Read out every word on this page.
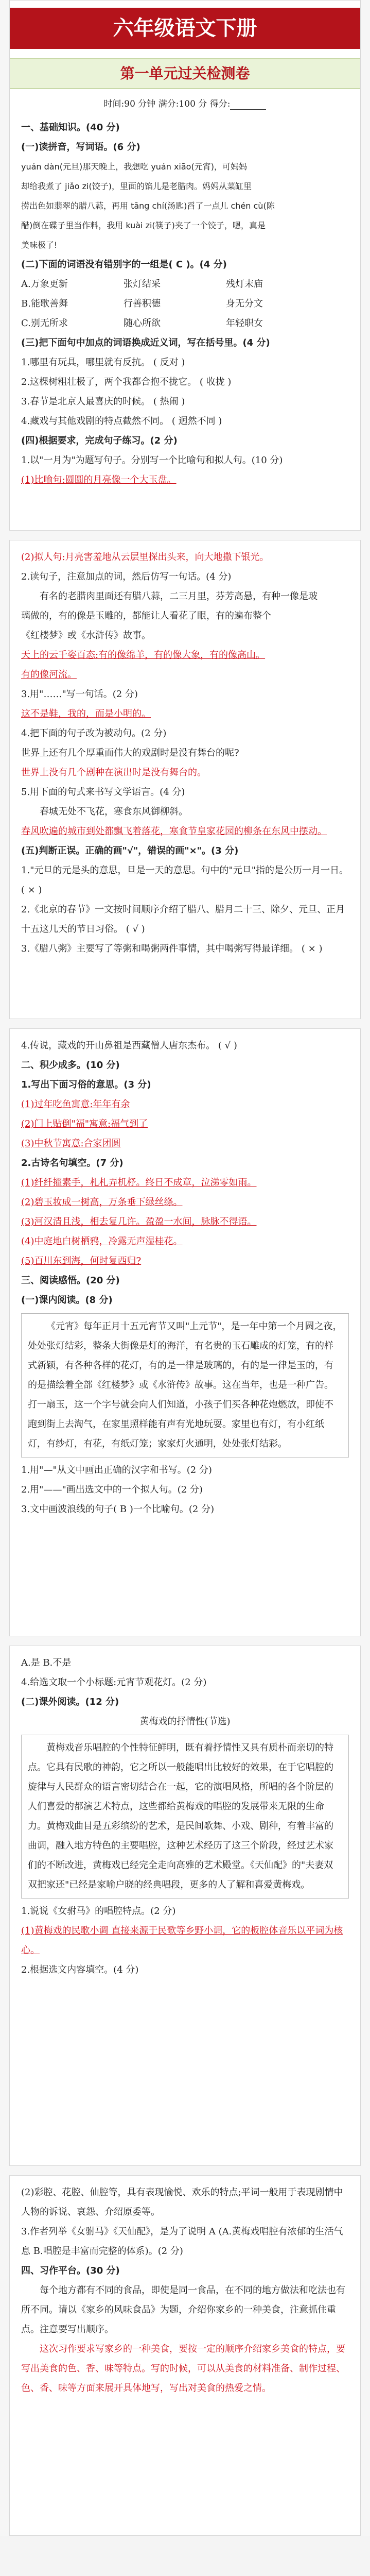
六年级语文下册
第一单元过关检测卷
时间:90 分钟 满分:100 分 得分:
一、基础知识。(40 分)
(一)读拼音，写词语。(6 分)

yuán dàn(元旦)那天晚上，我想吃 yuán xiāo(元宵)，可妈妈

却给我煮了 jiǎo zi(饺子)，里面的馅儿是老腊肉。妈妈从菜缸里

捞出色如翡翠的腊八蒜，再用 tāng chí(汤匙)舀了一点儿 chén cù(陈

醋)倒在碟子里当作料，我用 kuài zi(筷子)夹了一个饺子，嗯，真是

美味极了!

(二)下面的词语没有错别字的一组是( C )。(4 分)
A.万象更新	张灯结采	残灯末庙
B.能歌善舞	行善积德	身无分文
C.别无所求	随心所欲	年轻职女
(三)把下面句中加点的词语换成近义词，写在括号里。(4 分)

1.哪里有玩具，哪里就有反抗。 ( 反对 )

2.这棵树粗壮极了，两个我都合抱不拢它。 ( 收拢 )

3.春节是北京人最喜庆的时候。 ( 热闹 )

4.藏戏与其他戏剧的特点截然不同。 ( 迥然不同 )

(四)根据要求，完成句子练习。(2 分)

1.以"一月为"为题写句子。分别写一个比喻句和拟人句。(10 分)

(1)比喻句:圆圆的月亮像一个大玉盘。

(2)拟人句:月亮害羞地从云层里探出头来，向大地撒下银光。

2.读句子，注意加点的词，然后仿写一句话。(4 分)

有名的老腊肉里面还有腊八蒜，二三月里，芬芳高悬，有种一像是玻

璃做的，有的像是玉雕的，都能让人看花了眼，有的遍布整个

《红楼梦》或《水浒传》故事。

天上的云千姿百态:有的像绵羊，有的像大象，有的像高山。

有的像河流。

3.用"……"写一句话。(2 分)

这不是鞋，我的，而是小明的。

4.把下面的句子改为被动句。(2 分)

世界上还有几个厚重而伟大的戏剧时是没有舞台的呢?

世界上没有几个剧种在演出时是没有舞台的。

5.用下面的句式来书写文学语言。(4 分)

春城无处不飞花，寒食东风御柳斜。

春风吹遍的城市到处都飘飞着落花，寒食节皇家花园的柳条在东风中摆动。

(五)判断正误。正确的画"√"，错误的画"×"。(3 分)

1."元旦的元是头的意思，旦是一天的意思。句中的"元旦"指的是公历一月一日。 ( × )

2.《北京的春节》一文按时间顺序介绍了腊八、腊月二十三、除夕、元旦、正月十五这几天的节日习俗。 ( √ )

3.《腊八粥》主要写了等粥和喝粥两件事情，其中喝粥写得最详细。 ( × )

4.传说，藏戏的开山鼻祖是西藏僧人唐东杰布。 ( √ )

二、积少成多。(10 分)
1.写出下面习俗的意思。(3 分)

(1)过年吃鱼寓意:年年有余

(2)门上贴倒"福"寓意:福气到了

(3)中秋节寓意:合家团圆

2.古诗名句填空。(7 分)

(1)纤纤擢素手，札札弄机杼。终日不成章，泣涕零如雨。

(2)碧玉妆成一树高，万条垂下绿丝绦。

(3)河汉清且浅，相去复几许。盈盈一水间，脉脉不得语。

(4)中庭地白树栖鸦，冷露无声湿桂花。

(5)百川东到海，何时复西归?

三、阅读感悟。(20 分)
(一)课内阅读。(8 分)
《元宵》每年正月十五元宵节又叫"上元节"，是一年中第一个月圆之夜，处处张灯结彩，整条大街像是灯的海洋，有名贵的玉石雕成的灯笼，有的样式新颖，有各种各样的花灯，有的是一律是玻璃的，有的是一律是玉的，有的是描绘着全部《红楼梦》或《水浒传》故事。这在当年，也是一种广告。打一扇玉，这一个字号就会向人们知道，小孩子们买各种花炮燃放，即使不跑到街上去淘气，在家里照样能有声有光地玩耍。家里也有灯，有小红纸灯，有纱灯，有花，有纸灯笼；家家灯火通明，处处张灯结彩。

1.用"—"从文中画出正确的汉字和书写。(2 分)

2.用"——"画出选文中的一个拟人句。(2 分)

3.文中画波浪线的句子( B )一个比喻句。(2 分)

A.是 B.不是

4.给选文取一个小标题:元宵节观花灯。(2 分)

(二)课外阅读。(12 分)

黄梅戏的抒情性(节选)

黄梅戏音乐唱腔的个性特征鲜明，既有着抒情性又具有质朴而亲切的特点。它具有民歌的神韵，它之所以一般能唱出比较好的效果，在于它唱腔的旋律与人民群众的语言密切结合在一起，它的演唱风格，所唱的各个阶层的人们喜爱的都演艺术特点，这些都给黄梅戏的唱腔的发展带来无限的生命力。黄梅戏曲目是五彩缤纷的艺术，是民间歌舞、小戏、剧种，有着丰富的曲调，融入地方特色的主要唱腔，这种艺术经历了这三个阶段，经过艺术家们的不断改进，黄梅戏已经完全走向高雅的艺术殿堂。《天仙配》的"夫妻双双把家还"已经是家喻户晓的经典唱段，更多的人了解和喜爱黄梅戏。

1.说说《女驸马》的唱腔特点。(2 分)

(1)黄梅戏的民歌小调 直接来源于民歌等乡野小调，它的板腔体音乐以平词为核心。

2.根据选文内容填空。(4 分)

(2)彩腔、花腔、仙腔等，具有表现愉悦、欢乐的特点;平词一般用于表现剧情中人物的诉说、哀怨、介绍原委等。

3.作者列举《女驸马》《天仙配》，是为了说明 A (A.黄梅戏唱腔有浓郁的生活气息 B.唱腔是丰富而完整的体系)。(2 分)

四、习作平台。(30 分)

每个地方都有不同的食品，即使是同一食品，在不同的地方做法和吃法也有所不同。请以《家乡的风味食品》为题，介绍你家乡的一种美食，注意抓住重点。注意要写出顺序。

这次习作要求写家乡的一种美食，要按一定的顺序介绍家乡美食的特点，要写出美食的色、香、味等特点。写的时候，可以从美食的材料准备、制作过程、色、香、味等方面来展开具体地写，写出对美食的热爱之情。
